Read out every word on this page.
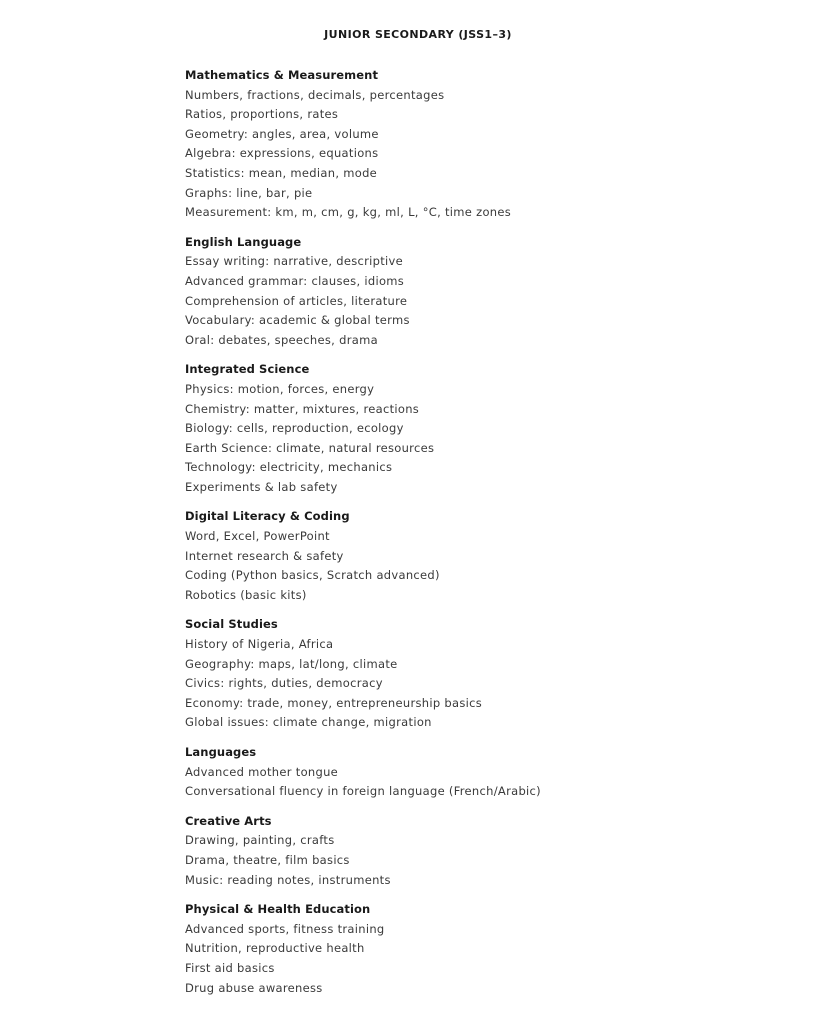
JUNIOR SECONDARY (JSS1–3)
Mathematics & Measurement
Numbers, fractions, decimals, percentages
Ratios, proportions, rates
Geometry: angles, area, volume
Algebra: expressions, equations
Statistics: mean, median, mode
Graphs: line, bar, pie
Measurement: km, m, cm, g, kg, ml, L, °C, time zones
English Language
Essay writing: narrative, descriptive
Advanced grammar: clauses, idioms
Comprehension of articles, literature
Vocabulary: academic & global terms
Oral: debates, speeches, drama
Integrated Science
Physics: motion, forces, energy
Chemistry: matter, mixtures, reactions
Biology: cells, reproduction, ecology
Earth Science: climate, natural resources
Technology: electricity, mechanics
Experiments & lab safety
Digital Literacy & Coding
Word, Excel, PowerPoint
Internet research & safety
Coding (Python basics, Scratch advanced)
Robotics (basic kits)
Social Studies
History of Nigeria, Africa
Geography: maps, lat/long, climate
Civics: rights, duties, democracy
Economy: trade, money, entrepreneurship basics
Global issues: climate change, migration
Languages
Advanced mother tongue
Conversational fluency in foreign language (French/Arabic)
Creative Arts
Drawing, painting, crafts
Drama, theatre, film basics
Music: reading notes, instruments
Physical & Health Education
Advanced sports, fitness training
Nutrition, reproductive health
First aid basics
Drug abuse awareness
